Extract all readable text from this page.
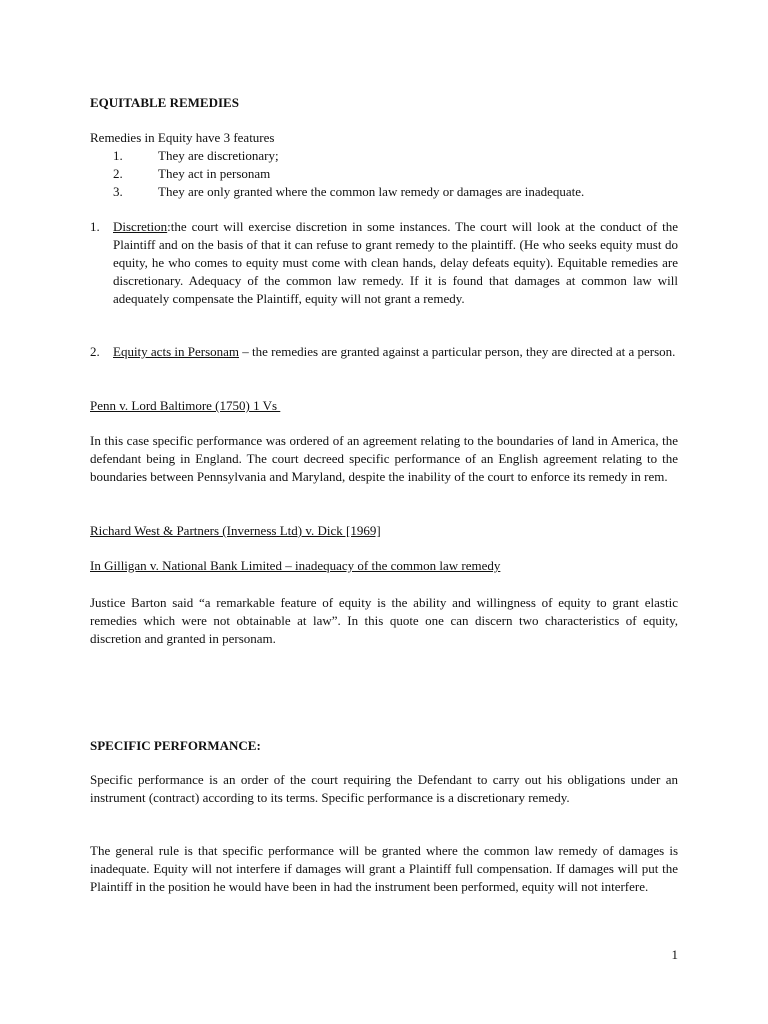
EQUITABLE REMEDIES
Remedies in Equity have 3 features
1.	They are discretionary;
2.	They act in personam
3.	They are only granted where the common law remedy or damages are inadequate.
1.	Discretion:the court will exercise discretion in some instances. The court will look at the conduct of the Plaintiff and on the basis of that it can refuse to grant remedy to the plaintiff. (He who seeks equity must do equity, he who comes to equity must come with clean hands, delay defeats equity). Equitable remedies are discretionary. Adequacy of the common law remedy. If it is found that damages at common law will adequately compensate the Plaintiff, equity will not grant a remedy.
2.	Equity acts in Personam – the remedies are granted against a particular person, they are directed at a person.
Penn v. Lord Baltimore (1750) 1 Vs
In this case specific performance was ordered of an agreement relating to the boundaries of land in America, the defendant being in England. The court decreed specific performance of an English agreement relating to the boundaries between Pennsylvania and Maryland, despite the inability of the court to enforce its remedy in rem.
Richard West & Partners (Inverness Ltd) v. Dick [1969]
In Gilligan v. National Bank Limited – inadequacy of the common law remedy
Justice Barton said “a remarkable feature of equity is the ability and willingness of equity to grant elastic remedies which were not obtainable at law”. In this quote one can discern two characteristics of equity, discretion and granted in personam.
SPECIFIC PERFORMANCE:
Specific performance is an order of the court requiring the Defendant to carry out his obligations under an instrument (contract) according to its terms. Specific performance is a discretionary remedy.
The general rule is that specific performance will be granted where the common law remedy of damages is inadequate. Equity will not interfere if damages will grant a Plaintiff full compensation. If damages will put the Plaintiff in the position he would have been in had the instrument been performed, equity will not interfere.
1
